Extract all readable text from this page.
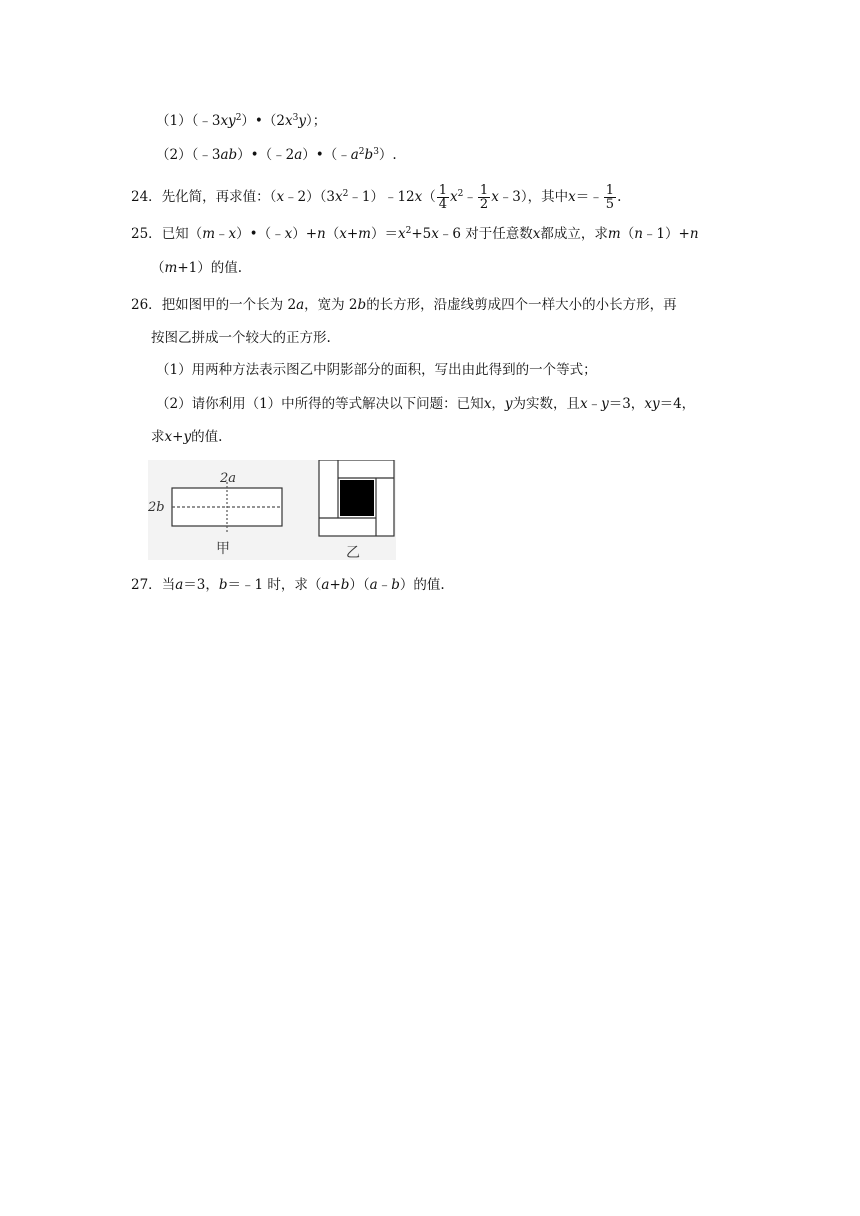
$(1)(﹣3xy^2)•(2x^3y)$；
$(2)(﹣3ab)•(﹣2a)•(﹣a^2b^3)$.
24．先化简，再求值：$(x﹣2)(3x^2﹣1)﹣12x( \frac{1}{4}$ $x^2﹣ \frac{1}{2}$ x﹣3），其中x＝﹣ $\frac{1}{5}$ .
25．已知$(m﹣x)•(﹣x)+n(x+m)=x^2+5x﹣6$ 对于任意数x都成立，求m（n﹣1）+n
（m+1）的值.
26．把如图甲的一个长为 2a，宽为 2b的长方形，沿虚线剪成四个一样大小的小长方形，再
按图乙拼成一个较大的正方形.
（1）用两种方法表示图乙中阴影部分的面积，写出由此得到的一个等式；
（2）请你利用（1）中所得的等式解决以下问题：已知x，y为实数，且x﹣y＝3，xy＝4，
求x+y的值.
2a
2b
甲	乙
27．当a＝3，b＝﹣1 时，求（a+b）（a﹣b）的值.
